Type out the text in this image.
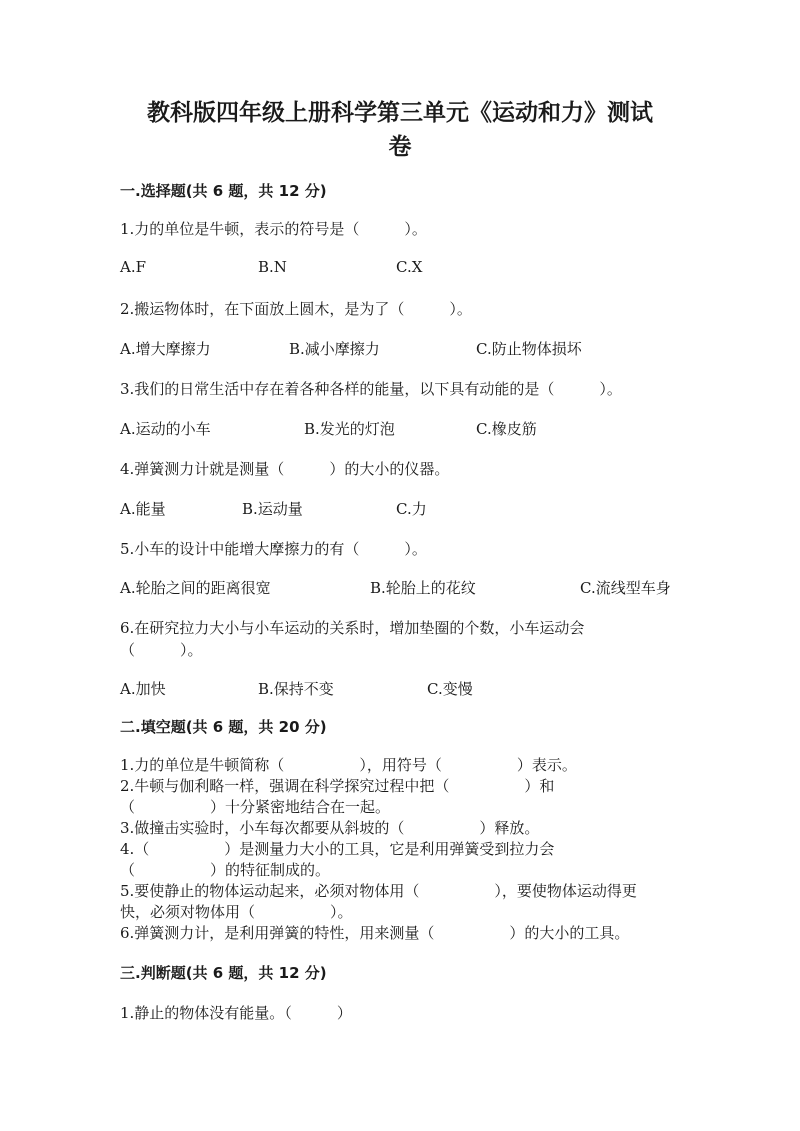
教科版四年级上册科学第三单元《运动和力》测试
卷
一.选择题(共 6 题，共 12 分)
1.力的单位是牛顿，表示的符号是（　　　）。
A.F	B.N	C.X
2.搬运物体时，在下面放上圆木，是为了（　　　）。
A.增大摩擦力	B.减小摩擦力	C.防止物体损坏
3.我们的日常生活中存在着各种各样的能量，以下具有动能的是（　　　）。
A.运动的小车	B.发光的灯泡	C.橡皮筋
4.弹簧测力计就是测量（　　　）的大小的仪器。
A.能量	B.运动量	C.力
5.小车的设计中能增大摩擦力的有（　　　）。
A.轮胎之间的距离很宽	B.轮胎上的花纹	C.流线型车身
6.在研究拉力大小与小车运动的关系时，增加垫圈的个数，小车运动会
（　　　）。
A.加快	B.保持不变	C.变慢
二.填空题(共 6 题，共 20 分)
1.力的单位是牛顿简称（　　　　　），用符号（　　　　　）表示。
2.牛顿与伽利略一样，强调在科学探究过程中把（　　　　　）和
（　　　　　）十分紧密地结合在一起。
3.做撞击实验时，小车每次都要从斜坡的（　　　　　）释放。
4.（　　　　　）是测量力大小的工具，它是利用弹簧受到拉力会
（　　　　　）的特征制成的。
5.要使静止的物体运动起来，必须对物体用（　　　　　），要使物体运动得更
快，必须对物体用（　　　　　）。
6.弹簧测力计，是利用弹簧的特性，用来测量（　　　　　）的大小的工具。
三.判断题(共 6 题，共 12 分)
1.静止的物体没有能量。（　　　）
